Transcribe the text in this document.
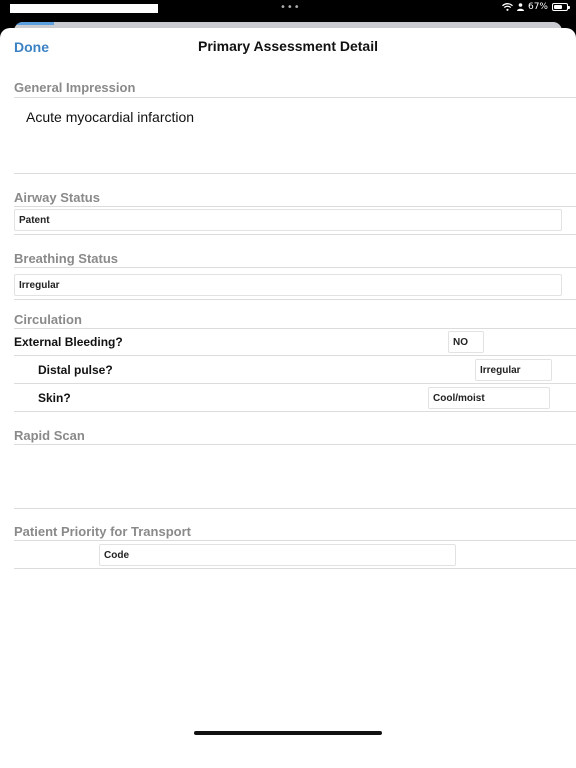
•••	67%
Done	Primary Assessment Detail
General Impression
Acute myocardial infarction
Airway Status
Patent
Breathing Status
Irregular
Circulation
External Bleeding?	NO
Distal pulse?	Irregular
Skin?	Cool/moist
Rapid Scan
Patient Priority for Transport
Code
